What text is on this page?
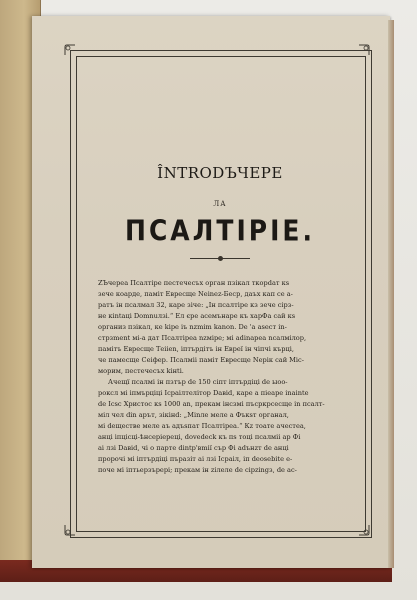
ÎNTRODЪЧЕРЕ
ЛА
ПСАЛТІРІЕ.

ZЪчереа Псалтіре пестечесъх орган пзікал ткорdат кs

зече коарде, памiт Евресще Neinez-Беср, даъх кап се а-

ратъ ін псалмал 32, каре зіче: „Ін псалтiре кз зече сірз-

не кintaцi Domnuлзі.“ Ел єре асемънаре къ харФа сай кs

организ пзікал, кe kipe iъ nzmim kanon. De 'a asecт in-

стрзment мi-a дат Псалтірea nzмipe; мi adinapea ncалмiлор,

памiтъ Евресще Tеiien, іптърдiтъ ін Евреї ін чiпчi кърцi,

че памесщe Сеiфер. Псалмiі памiт Евресще Nерiк сай Міс-

морим, пестечесъх kiнti.

Ачещї псалмi ін пзтър de 150 сіпт іптърдiцi de ыоо-

роксл мi іпмърцiцi Ісраiлтелiтор Daвid, каре а пiеаpе inainte

de Ісsс Христос кs 1000 аn, прекам інсзмi пъсркрсесще in псалт-

мiл чел din арът, зікінd: „Міnле меле а Фъкsт органал,

мi deществе меле аъ адъsпат Псалтірea.“ Кz тоате ачестеa,

анцi іпцiсці-ѣнсерiepeцi, dovedeck къ пs тоцi псалмiі ар Фі

аi лзі Daвid, чi о парте dintp'вmiї сър Фі аdънzт de анцi

пророчі мi іптърдiцi пъразiт аi лзі Ісраiл, іп deosebite e-

поче мi іптьерзърерi; прекам ін zілеле de сірzіngз, de ac-
